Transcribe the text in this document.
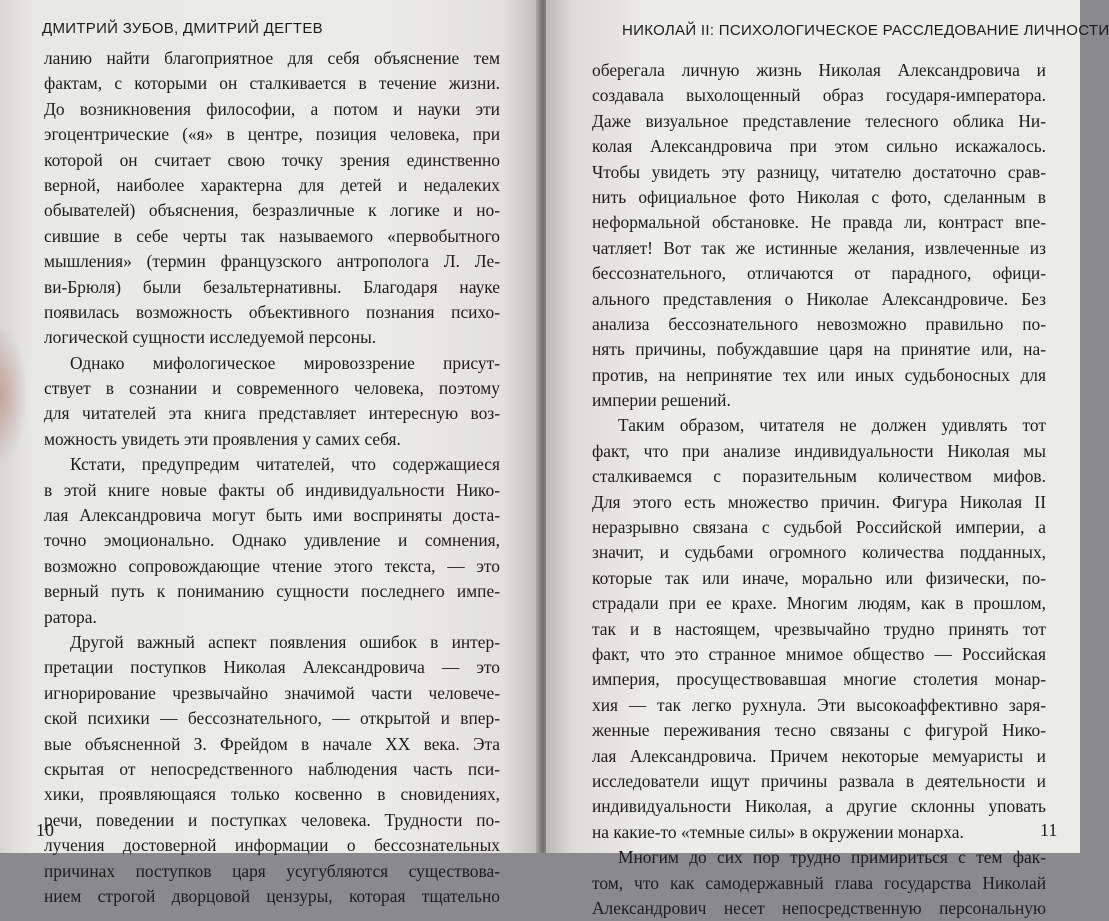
ДМИТРИЙ ЗУБОВ, ДМИТРИЙ ДЕГТЕВ
ланию найти благоприятное для себя объяснение тем
фактам, с которыми он сталкивается в течение жизни.
До возникновения философии, а потом и науки эти
эгоцентрические («я» в центре, позиция человека, при
которой он считает свою точку зрения единственно
верной, наиболее характерна для детей и недалеких
обывателей) объяснения, безразличные к логике и но-
сившие в себе черты так называемого «первобытного
мышления» (термин французского антрополога Л. Ле-
ви-Брюля) были безальтернативны. Благодаря науке
появилась возможность объективного познания психо-
логической сущности исследуемой персоны.
Однако мифологическое мировоззрение присут-
ствует в сознании и современного человека, поэтому
для читателей эта книга представляет интересную воз-
можность увидеть эти проявления у самих себя.
Кстати, предупредим читателей, что содержащиеся
в этой книге новые факты об индивидуальности Нико-
лая Александровича могут быть ими восприняты доста-
точно эмоционально. Однако удивление и сомнения,
возможно сопровождающие чтение этого текста, — это
верный путь к пониманию сущности последнего импе-
ратора.
Другой важный аспект появления ошибок в интер-
претации поступков Николая Александровича — это
игнорирование чрезвычайно значимой части человече-
ской психики — бессознательного, — открытой и впер-
вые объясненной З. Фрейдом в начале XX века. Эта
скрытая от непосредственного наблюдения часть пси-
хики, проявляющаяся только косвенно в сновидениях,
речи, поведении и поступках человека. Трудности по-
лучения достоверной информации о бессознательных
причинах поступков царя усугубляются существова-
нием строгой дворцовой цензуры, которая тщательно
10
НИКОЛАЙ II: ПСИХОЛОГИЧЕСКОЕ РАССЛЕДОВАНИЕ ЛИЧНОСТИ
оберегала личную жизнь Николая Александровича и
создавала выхолощенный образ государя-императора.
Даже визуальное представление телесного облика Ни-
колая Александровича при этом сильно искажалось.
Чтобы увидеть эту разницу, читателю достаточно срав-
нить официальное фото Николая с фото, сделанным в
неформальной обстановке. Не правда ли, контраст впе-
чатляет! Вот так же истинные желания, извлеченные из
бессознательного, отличаются от парадного, офици-
ального представления о Николае Александровиче. Без
анализа бессознательного невозможно правильно по-
нять причины, побуждавшие царя на принятие или, на-
против, на непринятие тех или иных судьбоносных для
империи решений.
Таким образом, читателя не должен удивлять тот
факт, что при анализе индивидуальности Николая мы
сталкиваемся с поразительным количеством мифов.
Для этого есть множество причин. Фигура Николая II
неразрывно связана с судьбой Российской империи, а
значит, и судьбами огромного количества подданных,
которые так или иначе, морально или физически, по-
страдали при ее крахе. Многим людям, как в прошлом,
так и в настоящем, чрезвычайно трудно принять тот
факт, что это странное мнимое общество — Российская
империя, просуществовавшая многие столетия монар-
хия — так легко рухнула. Эти высокоаффективно заря-
женные переживания тесно связаны с фигурой Нико-
лая Александровича. Причем некоторые мемуаристы и
исследователи ищут причины развала в деятельности и
индивидуальности Николая, а другие склонны уповать
на какие-то «темные силы» в окружении монарха.
Многим до сих пор трудно примириться с тем фак-
том, что как самодержавный глава государства Николай
Александрович несет непосредственную персональную
11
